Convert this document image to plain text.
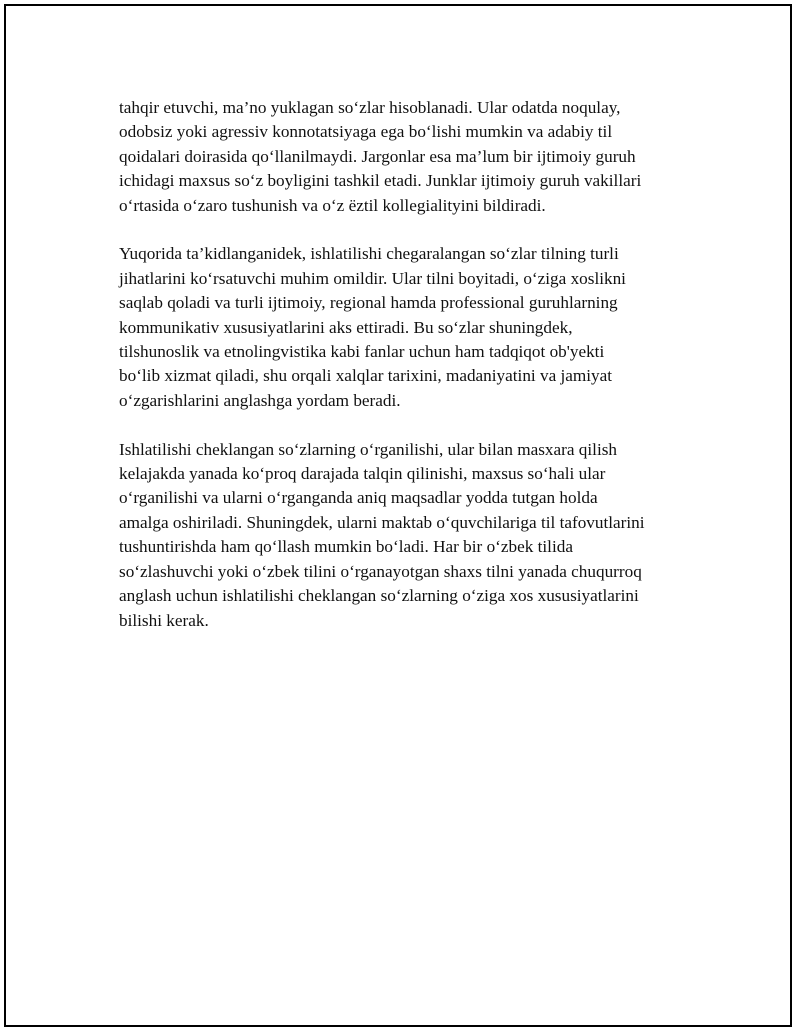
tahqir etuvchi, ma’no yuklagan so‘zlar hisoblanadi. Ular odatda noqulay,
odobsiz yoki agressiv konnotatsiyaga ega bo‘lishi mumkin va adabiy til
qoidalari doirasida qo‘llanilmaydi. Jargonlar esa ma’lum bir ijtimoiy guruh
ichidagi maxsus so‘z boyligini tashkil etadi. Junklar ijtimoiy guruh vakillari
o‘rtasida o‘zaro tushunish va o‘z ёztil kollegialityini bildiradi.

Yuqorida ta’kidlanganidek, ishlatilishi chegaralangan so‘zlar tilning turli
jihatlarini ko‘rsatuvchi muhim omildir. Ular tilni boyitadi, o‘ziga xoslikni
saqlab qoladi va turli ijtimoiy, regional hamda professional guruhlarning
kommunikativ xususiyatlarini aks ettiradi. Bu so‘zlar shuningdek,
tilshunoslik va etnolingvistika kabi fanlar uchun ham tadqiqot ob'yekti
bo‘lib xizmat qiladi, shu orqali xalqlar tarixini, madaniyatini va jamiyat
o‘zgarishlarini anglashga yordam beradi.

Ishlatilishi cheklangan so‘zlarning o‘rganilishi, ular bilan masxara qilish
kelajakda yanada ko‘proq darajada talqin qilinishi, maxsus so‘hali ular
o‘rganilishi va ularni o‘rganganda aniq maqsadlar yodda tutgan holda
amalga oshiriladi. Shuningdek, ularni maktab o‘quvchilariga til tafovutlarini
tushuntirishda ham qo‘llash mumkin bo‘ladi. Har bir o‘zbek tilida
so‘zlashuvchi yoki o‘zbek tilini o‘rganayotgan shaxs tilni yanada chuqurroq
anglash uchun ishlatilishi cheklangan so‘zlarning o‘ziga xos xususiyatlarini
bilishi kerak.
